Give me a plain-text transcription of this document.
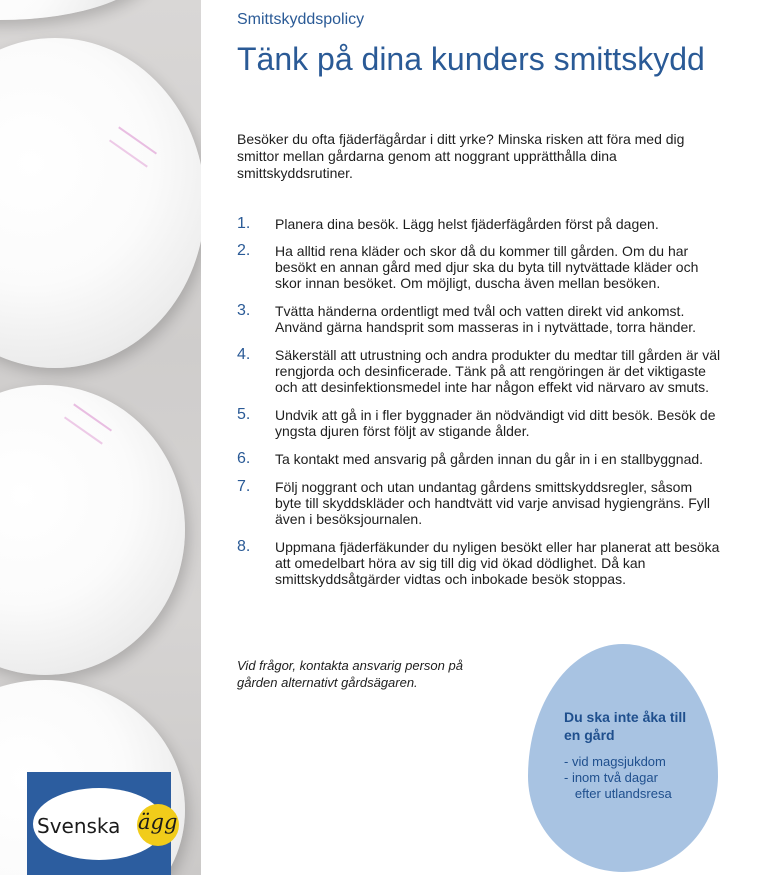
Svenska ägg
Smittskyddspolicy
Tänk på dina kunders smittskydd

Besöker du ofta fjäderfägårdar i ditt yrke? Minska risken att föra med dig smittor mellan gårdarna genom att noggrant upprätthålla dina smittskyddsrutiner.

1. Planera dina besök. Lägg helst fjäderfägården först på dagen.
2. Ha alltid rena kläder och skor då du kommer till gården. Om du har besökt en annan gård med djur ska du byta till nytvättade kläder och skor innan besöket. Om möjligt, duscha även mellan besöken.
3. Tvätta händerna ordentligt med tvål och vatten direkt vid ankomst. Använd gärna handsprit som masseras in i nytvättade, torra händer.
4. Säkerställ att utrustning och andra produkter du medtar till gården är väl rengjorda och desinficerade. Tänk på att rengöringen är det viktigaste och att desinfektionsmedel inte har någon effekt vid närvaro av smuts.
5. Undvik att gå in i fler byggnader än nödvändigt vid ditt besök. Besök de yngsta djuren först följt av stigande ålder.
6. Ta kontakt med ansvarig på gården innan du går in i en stallbyggnad.
7. Följ noggrant och utan undantag gårdens smittskyddsregler, såsom byte till skyddskläder och handtvätt vid varje anvisad hygiengräns. Fyll även i besöksjournalen.
8. Uppmana fjäderfäkunder du nyligen besökt eller har planerat att besöka att omedelbart höra av sig till dig vid ökad dödlighet. Då kan smittskyddsåtgärder vidtas och inbokade besök stoppas.

Vid frågor, kontakta ansvarig person på gården alternativt gårdsägaren.

Du ska inte åka till en gård
- vid magsjukdom
- inom två dagar
efter utlandsresa
